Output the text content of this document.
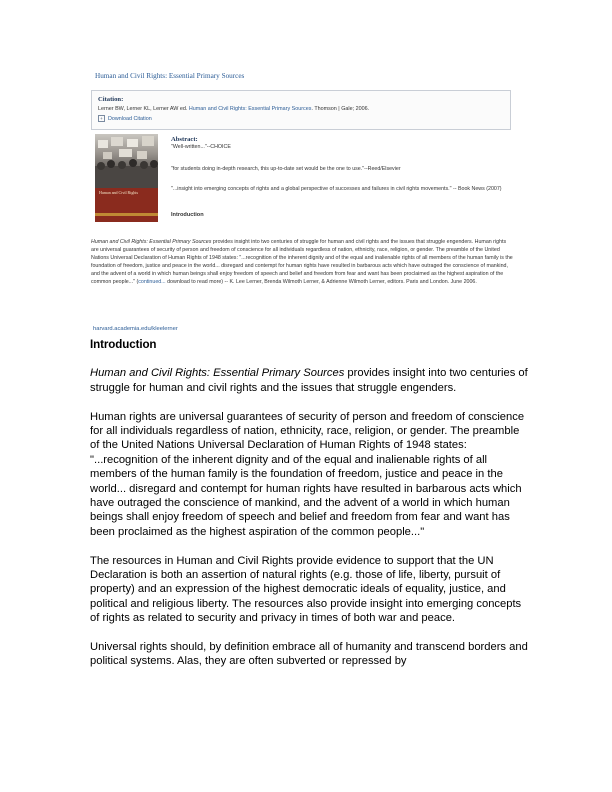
Human and Civil Rights: Essential Primary Sources
Citation:
Lerner BW, Lerner KL, Lerner AW ed. Human and Civil Rights: Essential Primary Sources. Thomson | Gale; 2006.
+ Download Citation
Human and Civil Rights
Abstract:

"Well-written..."--CHOICE

"for students doing in-depth research, this up-to-date set would be the one to use."--Reed/Elsevier

"...insight into emerging concepts of rights and a global perspective of successes and failures in civil rights movements." -- Book News (2007)

Introduction
Human and Civil Rights: Essential Primary Sources provides insight into two centuries of struggle for human and civil rights and the issues that struggle engenders. Human rights are universal guarantees of security of person and freedom of conscience for all individuals regardless of nation, ethnicity, race, religion, or gender. The preamble of the United Nations Universal Declaration of Human Rights of 1948 states: "...recognition of the inherent dignity and of the equal and inalienable rights of all members of the human family is the foundation of freedom, justice and peace in the world... disregard and contempt for human rights have resulted in barbarous acts which have outraged the conscience of mankind, and the advent of a world in which human beings shall enjoy freedom of speech and belief and freedom from fear and want has been proclaimed as the highest aspiration of the common people..." (continued... download to read more) -- K. Lee Lerner, Brenda Wilmoth Lerner, & Adrienne Wilmoth Lerner, editors. Paris and London. June 2006.
harvard.academia.edu/kleelerner
Introduction

Human and Civil Rights: Essential Primary Sources provides insight into two centuries of struggle for human and civil rights and the issues that struggle engenders.

Human rights are universal guarantees of security of person and freedom of conscience for all individuals regardless of nation, ethnicity, race, religion, or gender. The preamble of the United Nations Universal Declaration of Human Rights of 1948 states: "...recognition of the inherent dignity and of the equal and inalienable rights of all members of the human family is the foundation of freedom, justice and peace in the world... disregard and contempt for human rights have resulted in barbarous acts which have outraged the conscience of mankind, and the advent of a world in which human beings shall enjoy freedom of speech and belief and freedom from fear and want has been proclaimed as the highest aspiration of the common people..."

The resources in Human and Civil Rights provide evidence to support that the UN Declaration is both an assertion of natural rights (e.g. those of life, liberty, pursuit of property) and an expression of the highest democratic ideals of equality, justice, and political and religious liberty. The resources also provide insight into emerging concepts of rights as related to security and privacy in times of both war and peace.

Universal rights should, by definition embrace all of humanity and transcend borders and political systems. Alas, they are often subverted or repressed by
